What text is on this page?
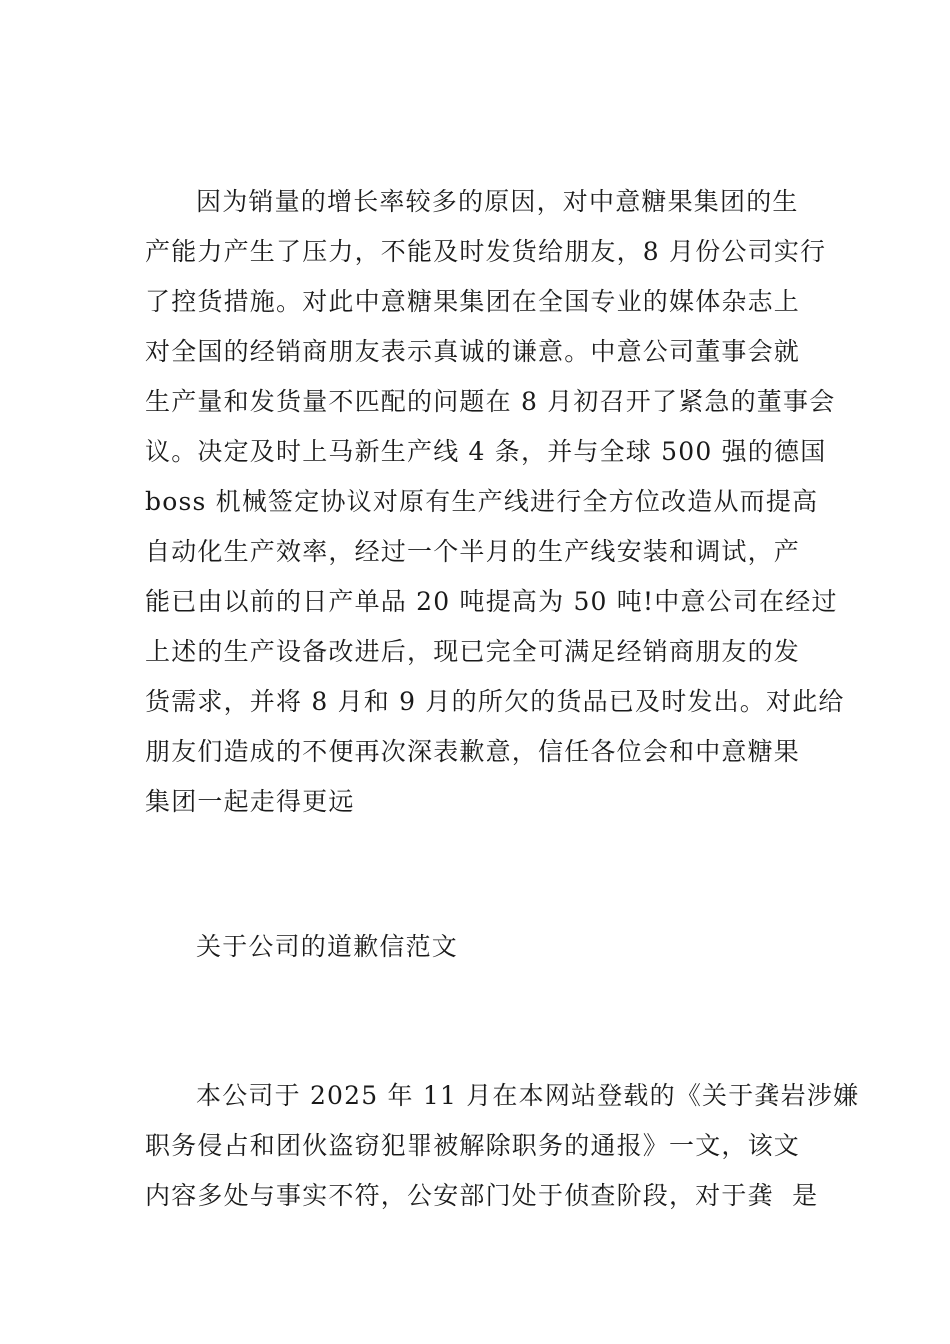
因为销量的增长率较多的原因，对中意糖果集团的生
产能力产生了压力，不能及时发货给朋友，8 月份公司实行
了控货措施。对此中意糖果集团在全国专业的媒体杂志上
对全国的经销商朋友表示真诚的谦意。中意公司董事会就
生产量和发货量不匹配的问题在 8 月初召开了紧急的董事会
议。决定及时上马新生产线 4 条，并与全球 500 强的德国
boss 机械签定协议对原有生产线进行全方位改造从而提高
自动化生产效率，经过一个半月的生产线安装和调试，产
能已由以前的日产单品 20 吨提高为 50 吨!中意公司在经过
上述的生产设备改进后，现已完全可满足经销商朋友的发
货需求，并将 8 月和 9 月的所欠的货品已及时发出。对此给
朋友们造成的不便再次深表歉意，信任各位会和中意糖果
集团一起走得更远
关于公司的道歉信范文
本公司于 2025 年 11 月在本网站登载的《关于龚岩涉嫌
职务侵占和团伙盗窃犯罪被解除职务的通报》一文，该文
内容多处与事实不符，公安部门处于侦查阶段，对于龚  是
